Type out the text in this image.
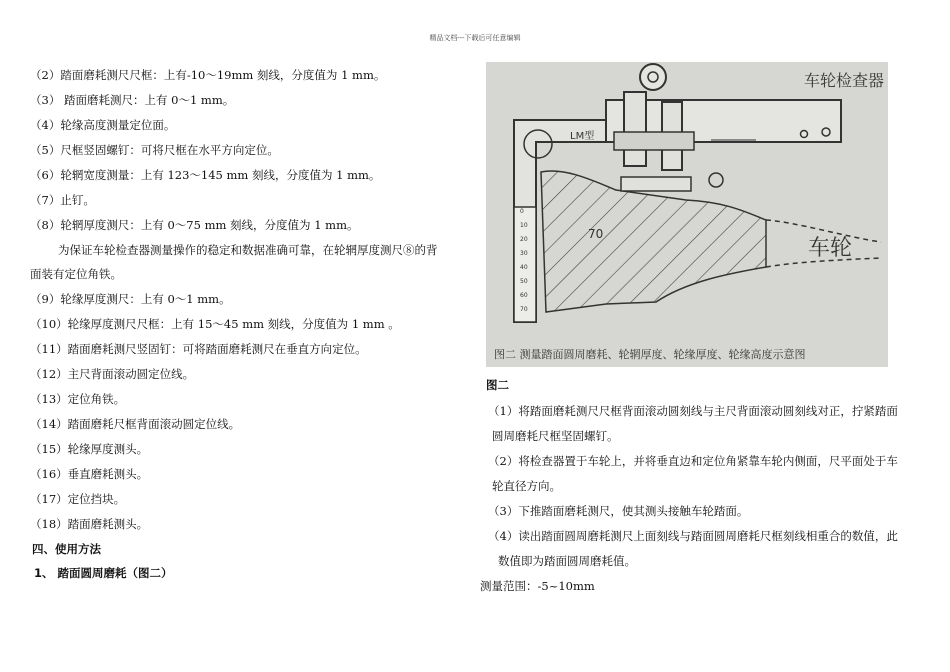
精品文档---下载后可任意编辑
（2）踏面磨耗测尺尺框：上有-10～19mm 刻线，分度值为 1 mm。
（3） 踏面磨耗测尺：上有 0～1 mm。
（4）轮缘高度测量定位面。
（5）尺框竖固螺钉：可将尺框在水平方向定位。
（6）轮辋宽度测量：上有 123～145 mm 刻线，分度值为 1 mm。
（7）止钉。
（8）轮辋厚度测尺：上有 0～75 mm 刻线，分度值为 1 mm。
为保证车轮检查器测量操作的稳定和数据准确可靠，在轮辋厚度测尺⑧的背
面装有定位角铁。
（9）轮缘厚度测尺：上有 0～1 mm。
（10）轮缘厚度测尺尺框：上有 15～45 mm 刻线，分度值为 1 mm 。
（11）踏面磨耗测尺竖固钉：可将踏面磨耗测尺在垂直方向定位。
（12）主尺背面滚动圆定位线。
（13）定位角铁。
（14）踏面磨耗尺框背面滚动圆定位线。
（15）轮缘厚度测头。
（16）垂直磨耗测头。
（17）定位挡块。
（18）踏面磨耗测头。
四、使用方法
1、 踏面圆周磨耗（图二）
LM型
0
10
20
30
40
50
60
70
70
车轮检查器
车轮
图二 测量踏面圆周磨耗、轮辋厚度、轮缘厚度、轮缘高度示意图
图二
（1）将踏面磨耗测尺尺框背面滚动圆刻线与主尺背面滚动圆刻线对正，拧紧踏面
圆周磨耗尺框坚固螺钉。
（2）将检查器置于车轮上，并将垂直边和定位角紧靠车轮内侧面，尺平面处于车
轮直径方向。
（3）下推踏面磨耗测尺，使其测头接触车轮踏面。
（4）读出踏面圆周磨耗测尺上面刻线与踏面圆周磨耗尺框刻线相重合的数值，此
数值即为踏面圆周磨耗值。
测量范围：-5~10mm
